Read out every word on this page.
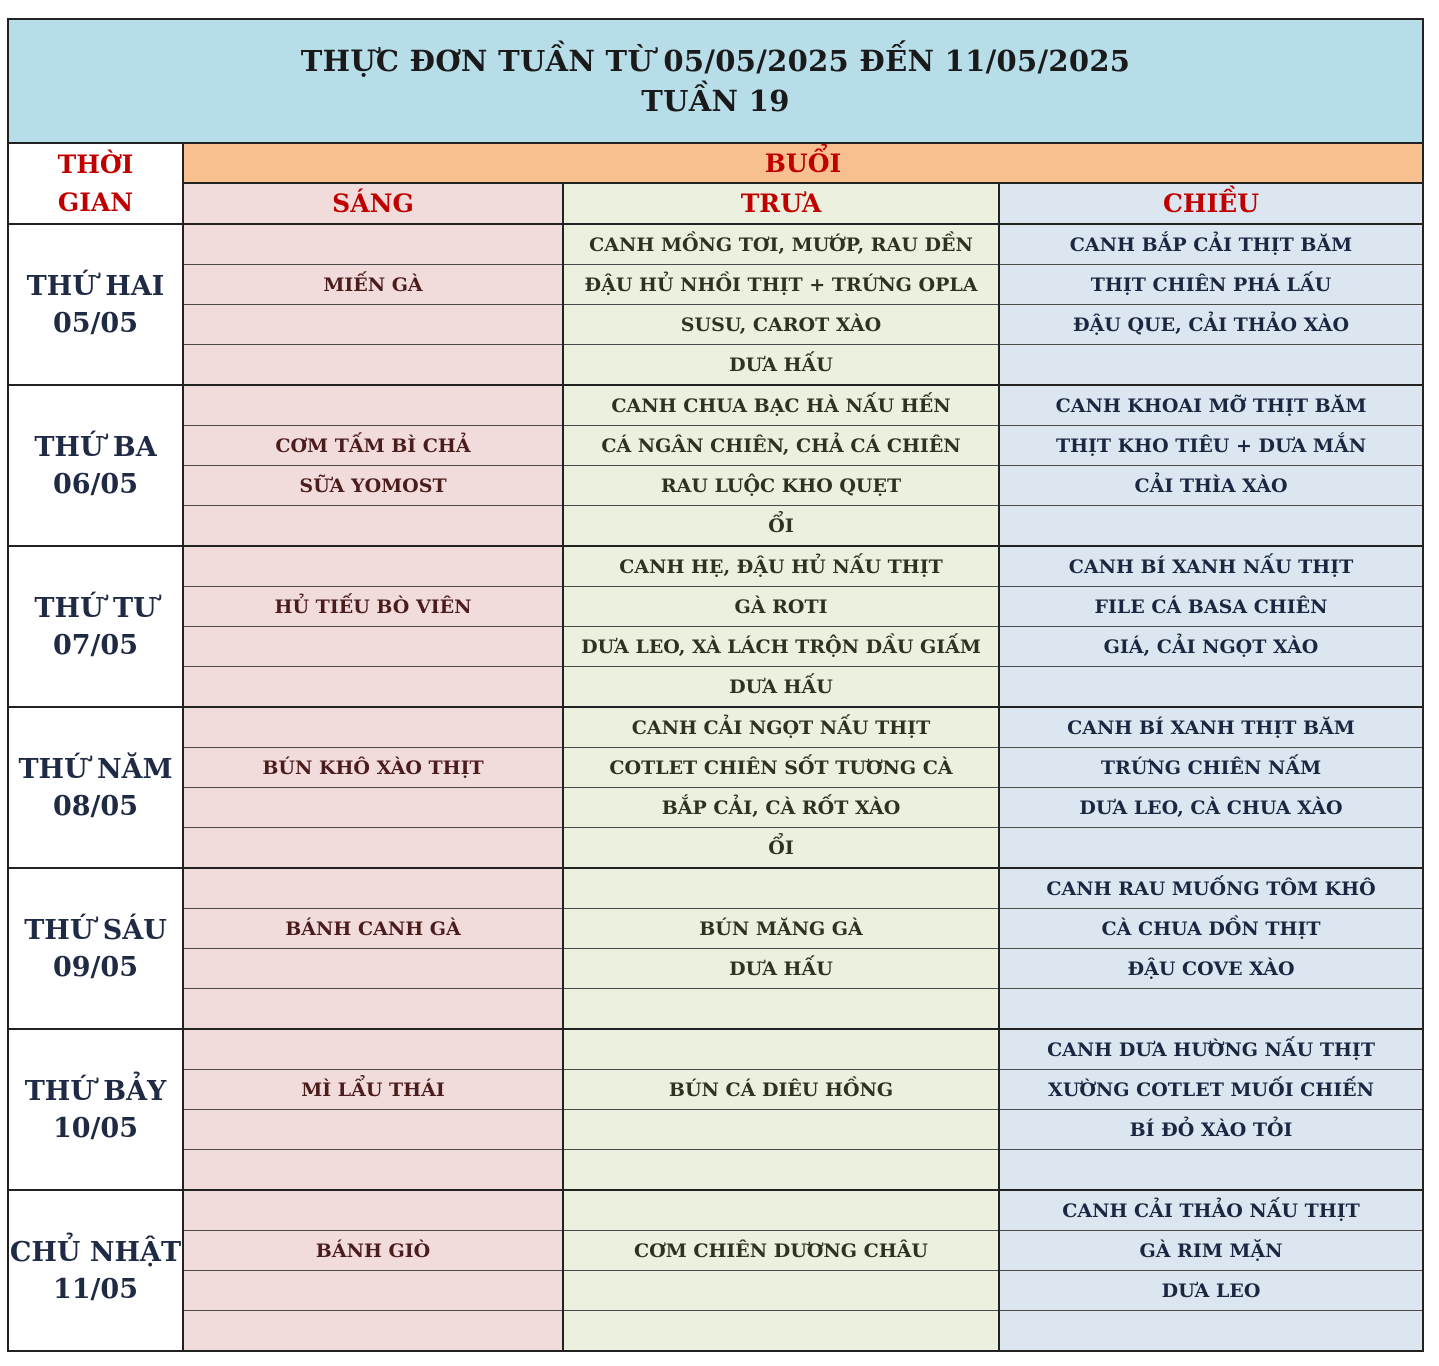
THỰC ĐƠN TUẦN TỪ 05/05/2025 ĐẾN 11/05/2025
TUẦN 19			

THỜI
GIAN	BUỔI		
	SÁNG	TRƯA	CHIỀU

THỨ HAI
05/05		CANH MỒNG TƠI, MƯỚP, RAU DỀN	CANH BẮP CẢI THỊT BĂM
	MIẾN GÀ	ĐẬU HỦ NHỒI THỊT + TRỨNG OPLA	THỊT CHIÊN PHÁ LẤU
		SUSU, CAROT XÀO	ĐẬU QUE, CẢI THẢO XÀO
		DƯA HẤU	

THỨ BA
06/05		CANH CHUA BẠC HÀ NẤU HẾN	CANH KHOAI MỠ THỊT BĂM
	CƠM TẤM BÌ CHẢ	CÁ NGÂN CHIÊN, CHẢ CÁ CHIÊN	THỊT KHO TIÊU + DƯA MẮN
	SỮA YOMOST	RAU LUỘC KHO QUẸT	CẢI THÌA XÀO
		ỔI	

THỨ TƯ
07/05		CANH HẸ, ĐẬU HỦ NẤU THỊT	CANH BÍ XANH NẤU THỊT
	HỦ TIẾU BÒ VIÊN	GÀ ROTI	FILE CÁ BASA CHIÊN
		DƯA LEO, XÀ LÁCH TRỘN DẦU GIẤM	GIÁ, CẢI NGỌT XÀO
		DƯA HẤU	

THỨ NĂM
08/05		CANH CẢI NGỌT NẤU THỊT	CANH BÍ XANH THỊT BĂM
	BÚN KHÔ XÀO THỊT	COTLET CHIÊN SỐT TƯƠNG CÀ	TRỨNG CHIÊN NẤM
		BẮP CẢI, CÀ RỐT XÀO	DƯA LEO, CÀ CHUA XÀO
		ỔI	

THỨ SÁU
09/05			CANH RAU MUỐNG TÔM KHÔ
	BÁNH CANH GÀ	BÚN MĂNG GÀ	CÀ CHUA DỒN THỊT
		DƯA HẤU	ĐẬU COVE XÀO

THỨ BẢY
10/05			CANH DƯA HƯỜNG NẤU THỊT
	MÌ LẨU THÁI	BÚN CÁ DIÊU HỒNG	XƯỜNG COTLET MUỐI CHIẾN
			BÍ ĐỎ XÀO TỎI

CHỦ NHẬT
11/05			CANH CẢI THẢO NẤU THỊT
	BÁNH GIÒ	CƠM CHIÊN DƯƠNG CHÂU	GÀ RIM MẶN
			DƯA LEO
